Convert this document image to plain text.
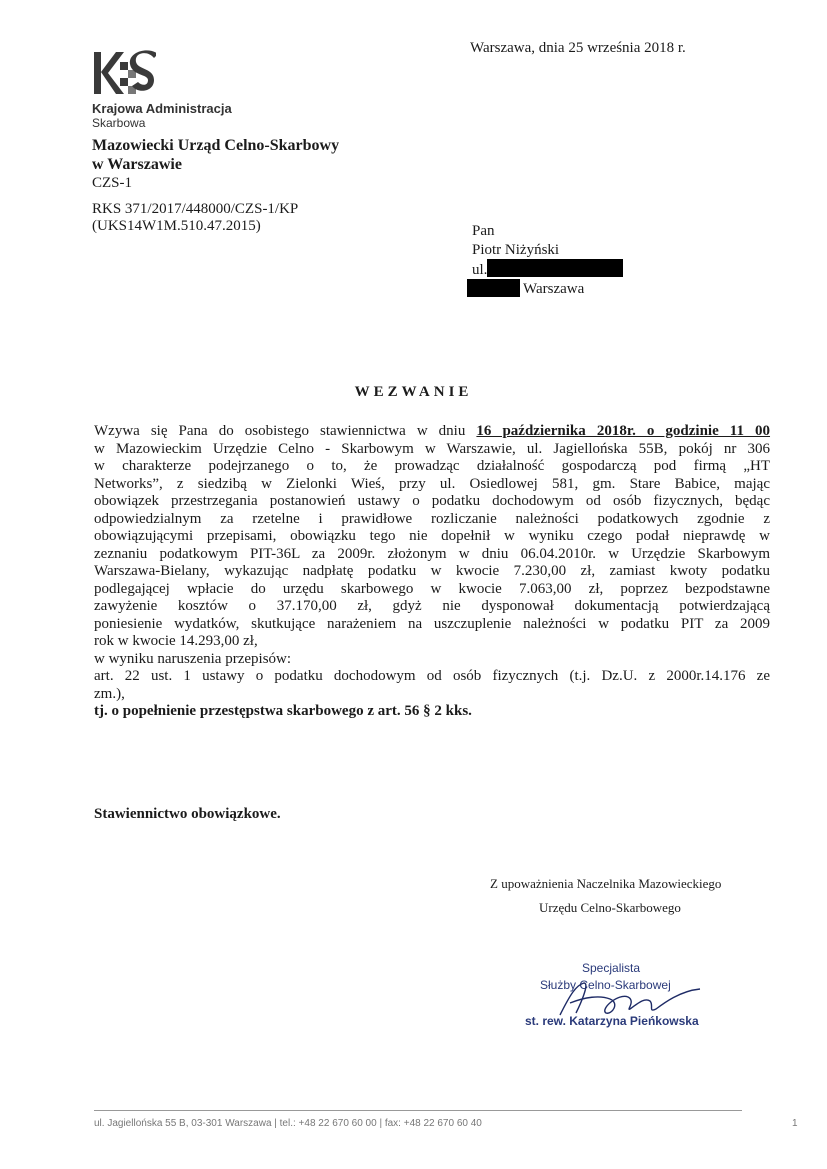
Krajowa Administracja
Skarbowa
Mazowiecki Urząd Celno-Skarbowy
w Warszawie
CZS-1
RKS 371/2017/448000/CZS-1/KP
(UKS14W1M.510.47.2015)
Warszawa, dnia 25 września 2018 r.
Pan
Piotr Niżyński
ul.
Warszawa
WEZWANIE
Wzywa się Pana do osobistego stawiennictwa w dniu 16 października 2018r. o godzinie 11 00
w Mazowieckim Urzędzie Celno - Skarbowym w Warszawie, ul. Jagiellońska 55B, pokój nr 306
w charakterze podejrzanego o to, że prowadząc działalność gospodarczą pod firmą „HT
Networks”, z siedzibą w Zielonki Wieś, przy ul. Osiedlowej 581, gm. Stare Babice, mając
obowiązek przestrzegania postanowień ustawy o podatku dochodowym od osób fizycznych, będąc
odpowiedzialnym za rzetelne i prawidłowe rozliczanie należności podatkowych zgodnie z
obowiązującymi przepisami, obowiązku tego nie dopełnił w wyniku czego podał nieprawdę w
zeznaniu podatkowym PIT-36L za 2009r. złożonym w dniu 06.04.2010r. w Urzędzie Skarbowym
Warszawa-Bielany, wykazując nadpłatę podatku w kwocie 7.230,00 zł, zamiast kwoty podatku
podlegającej wpłacie do urzędu skarbowego w kwocie 7.063,00 zł, poprzez bezpodstawne
zawyżenie kosztów o 37.170,00 zł, gdyż nie dysponował dokumentacją potwierdzającą
poniesienie wydatków, skutkujące narażeniem na uszczuplenie należności w podatku PIT za 2009
rok w kwocie 14.293,00 zł,
w wyniku naruszenia przepisów:
art. 22 ust. 1 ustawy o podatku dochodowym od osób fizycznych (t.j. Dz.U. z 2000r.14.176 ze
zm.),
tj. o popełnienie przestępstwa skarbowego z art. 56 § 2 kks.
Stawiennictwo obowiązkowe.
Z upoważnienia Naczelnika Mazowieckiego
Urzędu Celno-Skarbowego
Specjalista
Służby Celno-Skarbowej
st. rew. Katarzyna Pieńkowska
ul. Jagiellońska 55 B, 03-301 Warszawa | tel.: +48 22 670 60 00 | fax: +48 22 670 60 40	1
